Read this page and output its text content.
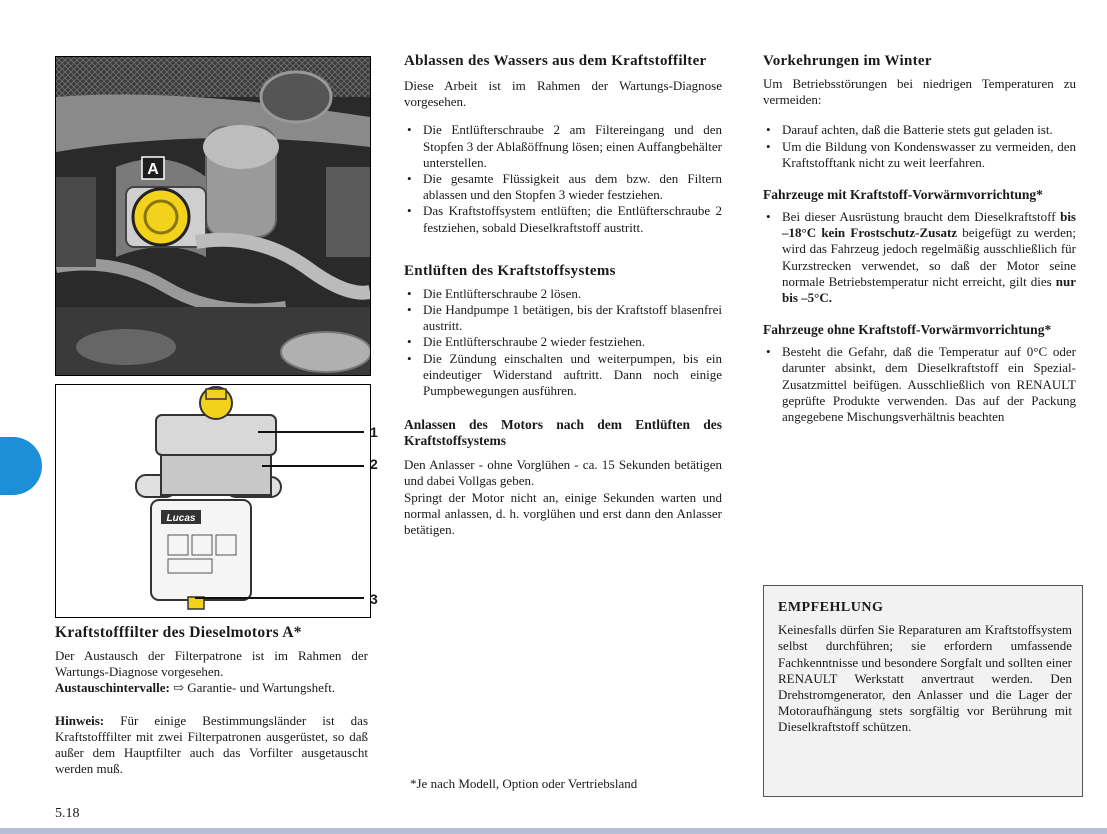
A
Lucas
1
2
3
Kraftstofffilter des Dieselmotors A*

Der Austausch der Filterpatrone ist im Rahmen der Wartungs-Diagnose vorgesehen.

Austauschintervalle: ⇨ Garantie- und Wartungsheft.

Hinweis: Für einige Bestimmungsländer ist das Kraftstofffilter mit zwei Filterpatronen ausgerüstet, so daß außer dem Hauptfilter auch das Vorfilter ausgetauscht werden muß.

Ablassen des Wassers aus dem Kraftstoffilter

Diese Arbeit ist im Rahmen der Wartungs-Diagnose vorgesehen.

• Die Entlüfterschraube 2 am Filtereingang und den Stopfen 3 der Ablaßöffnung lösen; einen Auffangbehälter unterstellen.
• Die gesamte Flüssigkeit aus dem bzw. den Filtern ablassen und den Stopfen 3 wieder festziehen.
• Das Kraftstoffsystem entlüften; die Entlüfterschraube 2 festziehen, sobald Dieselkraftstoff austritt.
Entlüften des Kraftstoffsystems
• Die Entlüfterschraube 2 lösen.
• Die Handpumpe 1 betätigen, bis der Kraftstoff blasenfrei austritt.
• Die Entlüfterschraube 2 wieder festziehen.
• Die Zündung einschalten und weiterpumpen, bis ein eindeutiger Widerstand auftritt. Dann noch einige Pumpbewegungen ausführen.
Anlassen des Motors nach dem Entlüften des Kraftstoffsystems

Den Anlasser - ohne Vorglühen - ca. 15 Sekunden betätigen und dabei Vollgas geben.

Springt der Motor nicht an, einige Sekunden warten und normal anlassen, d. h. vorglühen und erst dann den Anlasser betätigen.

*Je nach Modell, Option oder Vertriebsland
Vorkehrungen im Winter

Um Betriebsstörungen bei niedrigen Temperaturen zu vermeiden:

• Darauf achten, daß die Batterie stets gut geladen ist.
• Um die Bildung von Kondenswasser zu vermeiden, den Kraftstofftank nicht zu weit leerfahren.
Fahrzeuge mit Kraftstoff-Vorwärmvorrichtung*
• Bei dieser Ausrüstung braucht dem Dieselkraftstoff bis –18°C kein Frostschutz-Zusatz beigefügt zu werden; wird das Fahrzeug jedoch regelmäßig ausschließlich für Kurzstrecken verwendet, so daß der Motor seine normale Betriebstemperatur nicht erreicht, gilt dies nur bis –5°C.
Fahrzeuge ohne Kraftstoff-Vorwärmvorrichtung*
• Besteht die Gefahr, daß die Temperatur auf 0°C oder darunter absinkt, dem Dieselkraftstoff ein Spezial-Zusatzmittel beifügen. Ausschließlich von RENAULT geprüfte Produkte verwenden. Das auf der Packung angegebene Mischungsverhältnis beachten
EMPFEHLUNG

Keinesfalls dürfen Sie Reparaturen am Kraftstoffsystem selbst durchführen; sie erfordern umfassende Fachkenntnisse und besondere Sorgfalt und sollten einer RENAULT Werkstatt anvertraut werden. Den Drehstromgenerator, den Anlasser und die Lager der Motoraufhängung stets sorgfältig vor Berührung mit Dieselkraftstoff schützen.

5.18
